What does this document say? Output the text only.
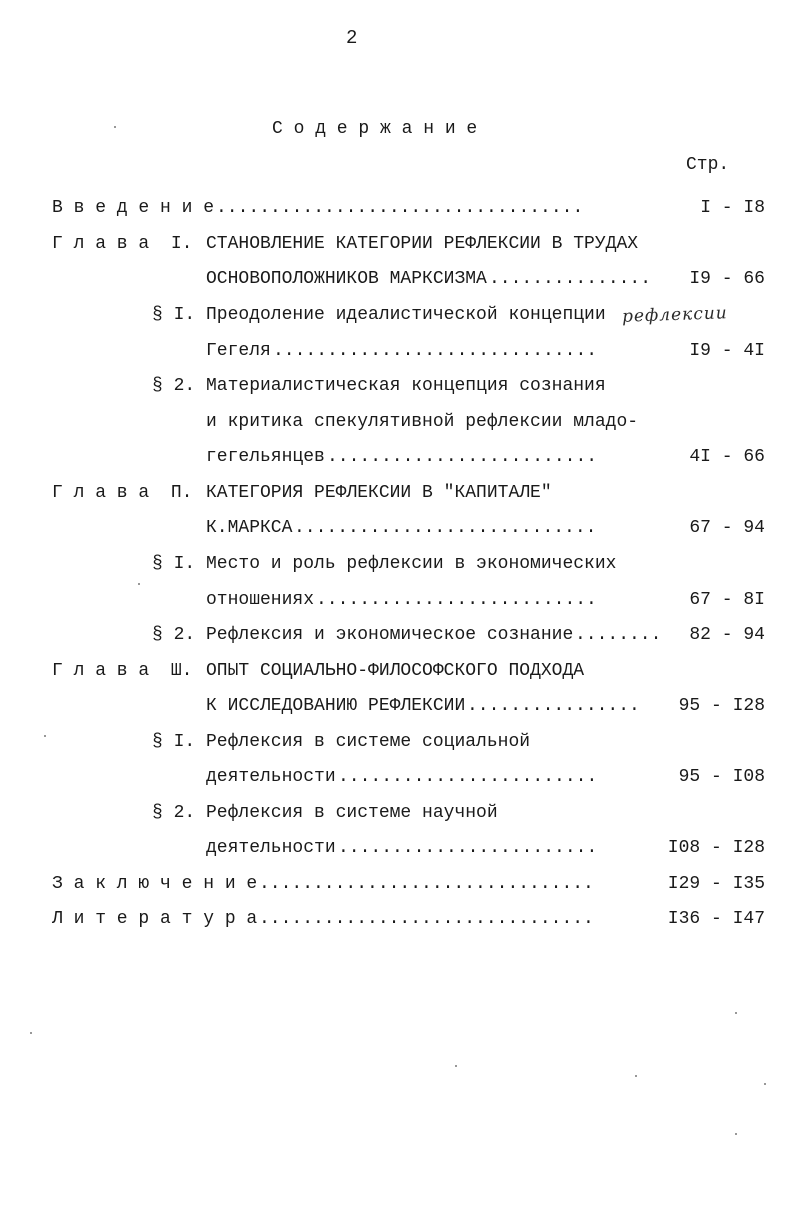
2
С о д е р ж а н и е
Стр.
В в е д е н и е	I - I8
..................................
Г л а в а  I. СТАНОВЛЕНИЕ КАТЕГОРИИ РЕФЛЕКСИИ В ТРУДАХ
ОСНОВОПОЛОЖНИКОВ МАРКСИЗМА	I9 - 66
...............
§ I. Преодоление идеалистической концепции
Гегеля	I9 - 4I
..............................
§ 2. Материалистическая концепция сознания
и критика спекулятивной рефлексии младо-
гегельянцев	4I - 66
.........................
Г л а в а  П. КАТЕГОРИЯ РЕФЛЕКСИИ В "КАПИТАЛЕ"
К.МАРКСА	67 - 94
............................
§ I. Место и роль рефлексии в экономических
отношениях	67 - 8I
..........................
§ 2. Рефлексия и экономическое сознание	82 - 94
........
Г л а в а  Ш. ОПЫТ СОЦИАЛЬНО-ФИЛОСОФСКОГО ПОДХОДА
К ИССЛЕДОВАНИЮ РЕФЛЕКСИИ	95 - I28
................
§ I. Рефлексия в системе социальной
деятельности	95 - I08
........................
§ 2. Рефлексия в системе научной
деятельности	I08 - I28
........................
З а к л ю ч е н и е	I29 - I35
...............................
Л и т е р а т у р а	I36 - I47
...............................
рефлексии
